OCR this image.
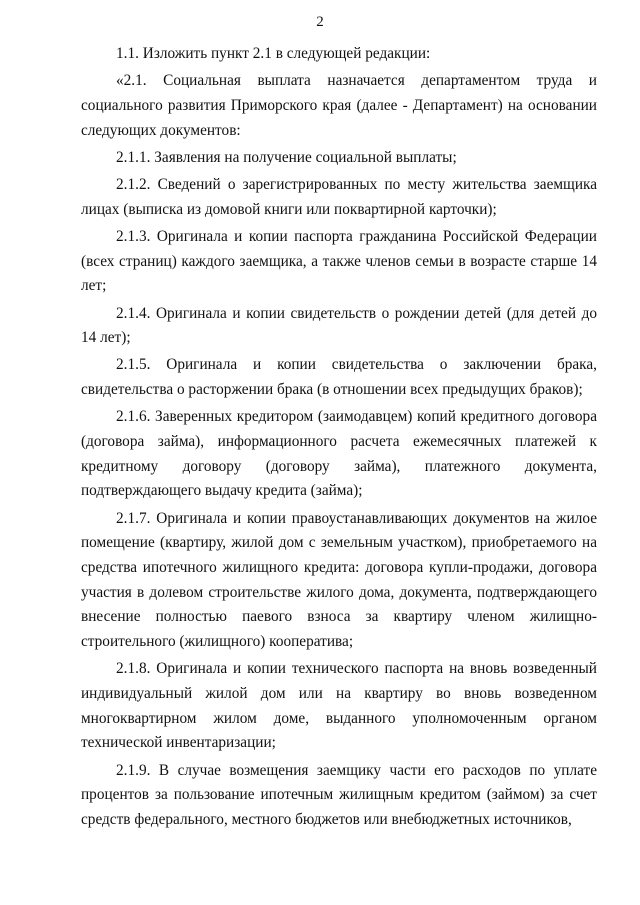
2

1.1. Изложить пункт 2.1 в следующей редакции:

«2.1. Социальная выплата назначается департаментом труда и социального развития Приморского края (далее - Департамент) на основании следующих документов:

2.1.1. Заявления на получение социальной выплаты;

2.1.2. Сведений о зарегистрированных по месту жительства заемщика лицах (выписка из домовой книги или поквартирной карточки);

2.1.3. Оригинала и копии паспорта гражданина Российской Федерации (всех страниц) каждого заемщика, а также членов семьи в возрасте старше 14 лет;

2.1.4. Оригинала и копии свидетельств о рождении детей (для детей до 14 лет);

2.1.5. Оригинала и копии свидетельства о заключении брака, свидетельства о расторжении брака (в отношении всех предыдущих браков);

2.1.6. Заверенных кредитором (заимодавцем) копий кредитного договора (договора займа), информационного расчета ежемесячных платежей к кредитному договору (договору займа), платежного документа, подтверждающего выдачу кредита (займа);

2.1.7. Оригинала и копии правоустанавливающих документов на жилое помещение (квартиру, жилой дом с земельным участком), приобретаемого на средства ипотечного жилищного кредита: договора купли-продажи, договора участия в долевом строительстве жилого дома, документа, подтверждающего внесение полностью паевого взноса за квартиру членом жилищно-строительного (жилищного) кооператива;

2.1.8. Оригинала и копии технического паспорта на вновь возведенный индивидуальный жилой дом или на квартиру во вновь возведенном многоквартирном жилом доме, выданного уполномоченным органом технической инвентаризации;

2.1.9. В случае возмещения заемщику части его расходов по уплате процентов за пользование ипотечным жилищным кредитом (займом) за счет средств федерального, местного бюджетов или внебюджетных источников,
